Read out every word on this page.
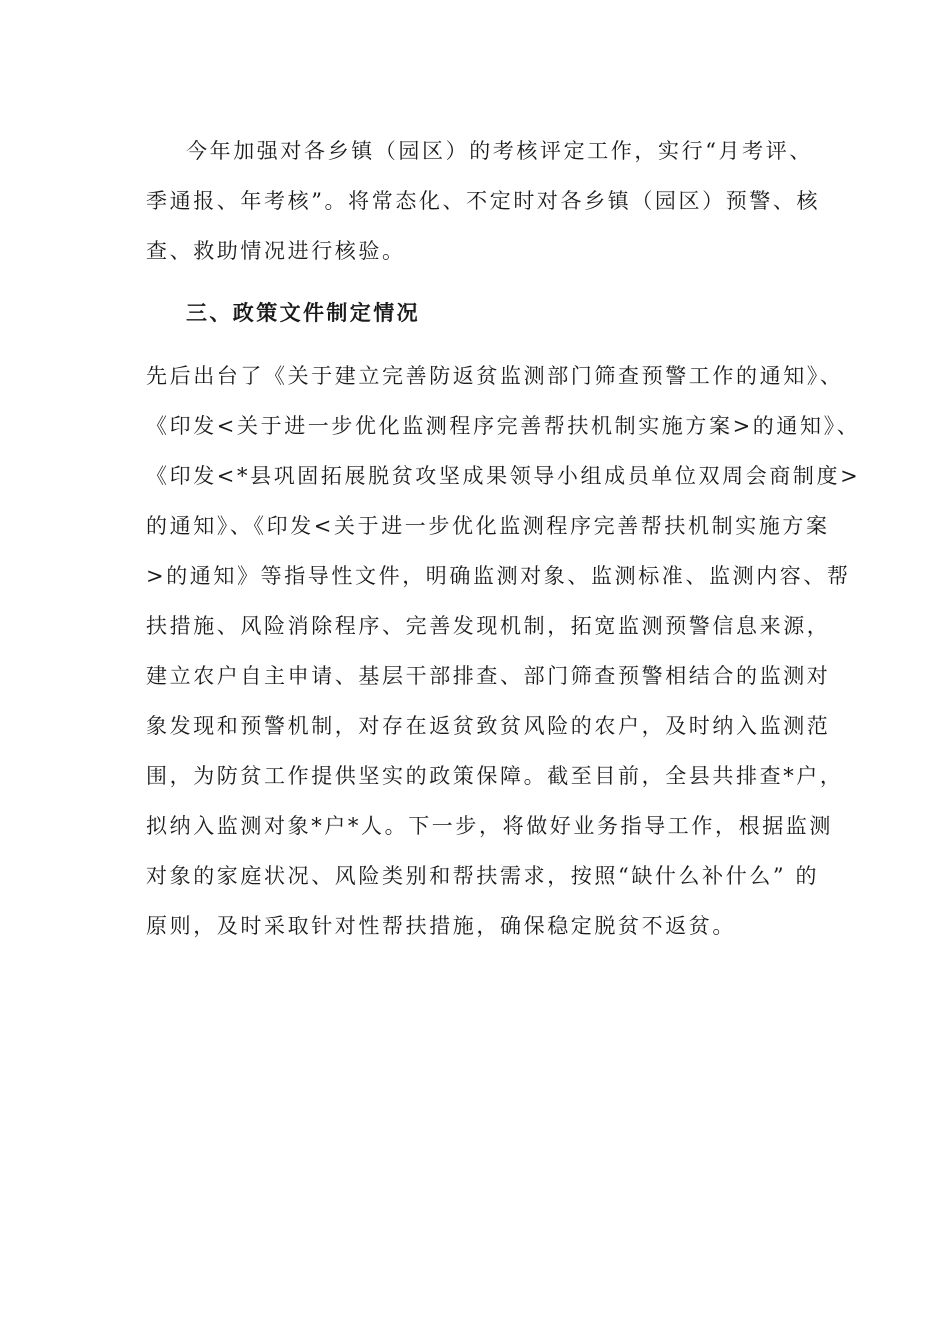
今年加强对各乡镇（园区）的考核评定工作，实行“月考评、
季通报、年考核”。将常态化、不定时对各乡镇（园区）预警、核
查、救助情况进行核验。
三、政策文件制定情况
先后出台了《关于建立完善防返贫监测部门筛查预警工作的通知》、
《印发<关于进一步优化监测程序完善帮扶机制实施方案>的通知》、
《印发<*县巩固拓展脱贫攻坚成果领导小组成员单位双周会商制度>
的通知》、《印发<关于进一步优化监测程序完善帮扶机制实施方案
>的通知》等指导性文件，明确监测对象、监测标准、监测内容、帮
扶措施、风险消除程序、完善发现机制，拓宽监测预警信息来源，
建立农户自主申请、基层干部排查、部门筛查预警相结合的监测对
象发现和预警机制，对存在返贫致贫风险的农户，及时纳入监测范
围，为防贫工作提供坚实的政策保障。截至目前，全县共排查*户，
拟纳入监测对象*户*人。下一步，将做好业务指导工作，根据监测
对象的家庭状况、风险类别和帮扶需求，按照“缺什么补什么” 的
原则，及时采取针对性帮扶措施，确保稳定脱贫不返贫。
